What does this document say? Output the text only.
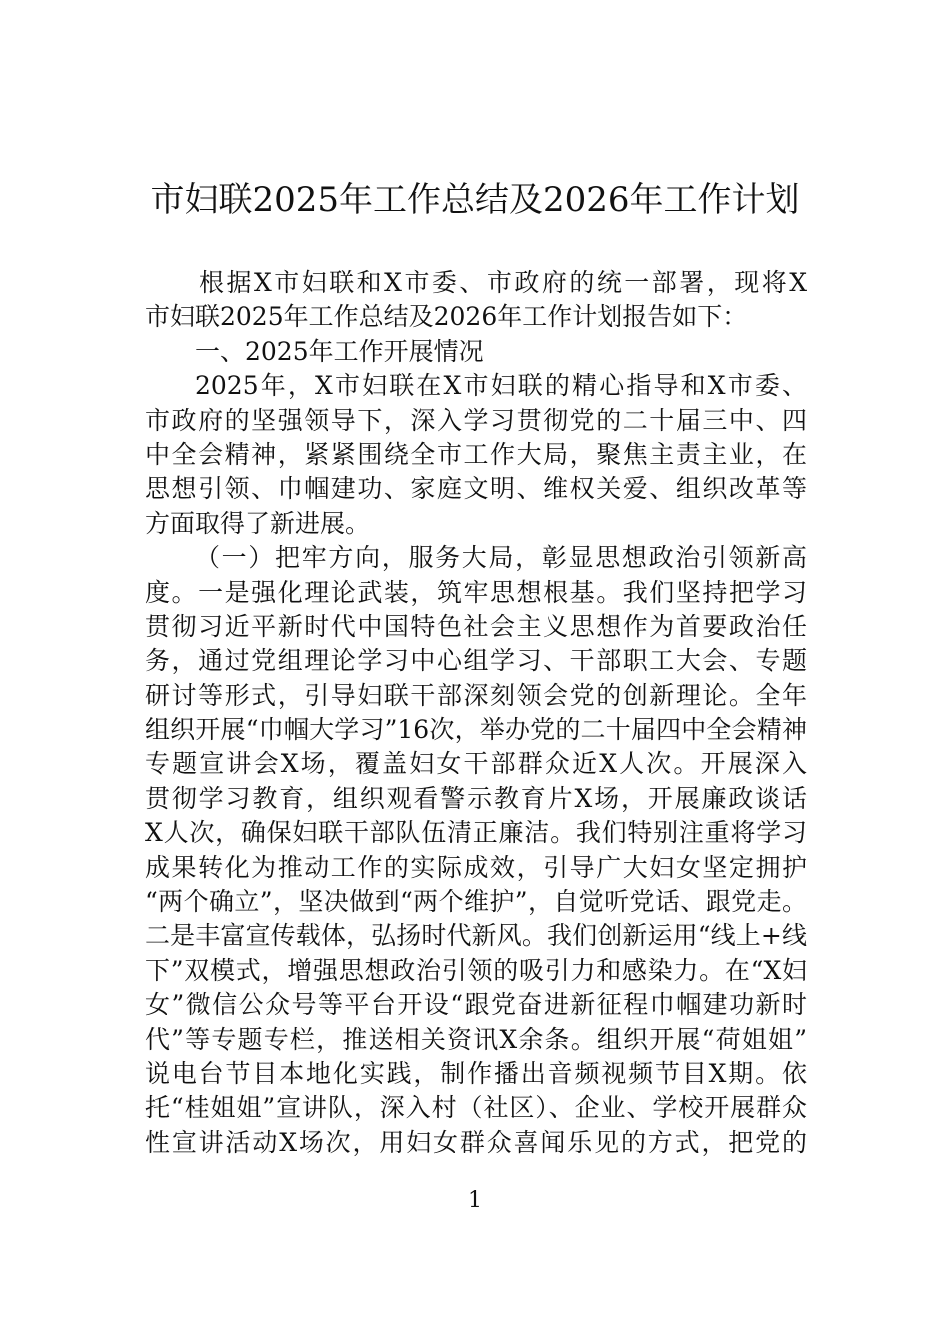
市妇联2025年工作总结及2026年工作计划
根据X市妇联和X市委、市政府的统一部署，现将X
市妇联2025年工作总结及2026年工作计划报告如下：
一、2025年工作开展情况
2025年，X市妇联在X市妇联的精心指导和X市委、
市政府的坚强领导下，深入学习贯彻党的二十届三中、四
中全会精神，紧紧围绕全市工作大局，聚焦主责主业，在
思想引领、巾帼建功、家庭文明、维权关爱、组织改革等
方面取得了新进展。
（一）把牢方向，服务大局，彰显思想政治引领新高
度。一是强化理论武装，筑牢思想根基。我们坚持把学习
贯彻习近平新时代中国特色社会主义思想作为首要政治任
务，通过党组理论学习中心组学习、干部职工大会、专题
研讨等形式，引导妇联干部深刻领会党的创新理论。全年
组织开展“巾帼大学习”16次，举办党的二十届四中全会精神
专题宣讲会X场，覆盖妇女干部群众近X人次。开展深入
贯彻学习教育，组织观看警示教育片X场，开展廉政谈话
X人次，确保妇联干部队伍清正廉洁。我们特别注重将学习
成果转化为推动工作的实际成效，引导广大妇女坚定拥护
“两个确立”，坚决做到“两个维护”，自觉听党话、跟党走。
二是丰富宣传载体，弘扬时代新风。我们创新运用“线上+线
下”双模式，增强思想政治引领的吸引力和感染力。在“X妇
女”微信公众号等平台开设“跟党奋进新征程巾帼建功新时
代”等专题专栏，推送相关资讯X余条。组织开展“荷姐姐”
说电台节目本地化实践，制作播出音频视频节目X期。依
托“桂姐姐”宣讲队，深入村（社区）、企业、学校开展群众
性宣讲活动X场次，用妇女群众喜闻乐见的方式，把党的
1
